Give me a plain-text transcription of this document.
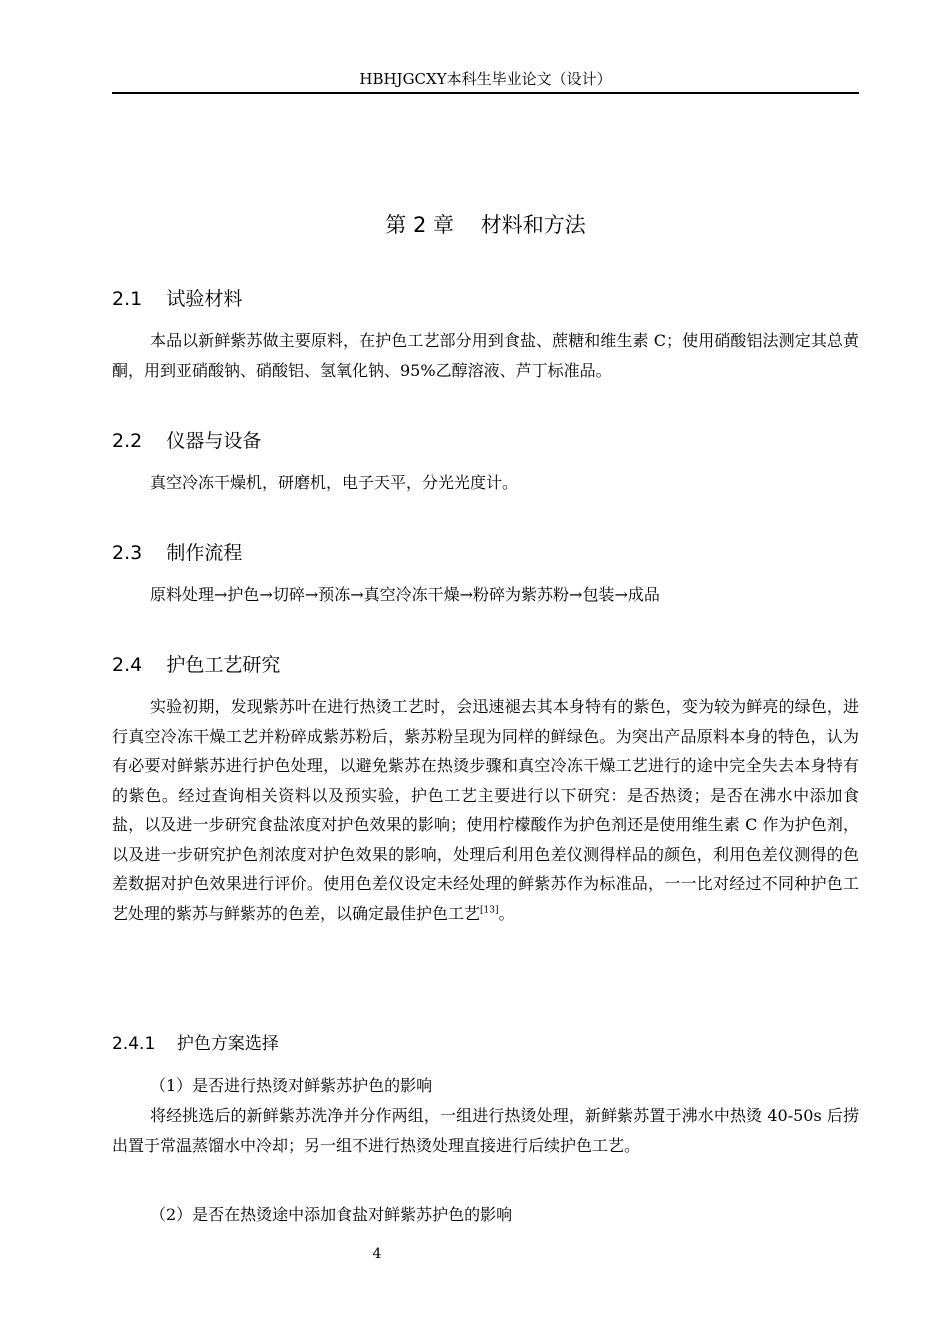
HBHJGCXY本科生毕业论文（设计）
第 2 章    材料和方法
2.1    试验材料

本品以新鲜紫苏做主要原料，在护色工艺部分用到食盐、蔗糖和维生素 C；使用硝酸铝法测定其总黄酮，用到亚硝酸钠、硝酸铝、氢氧化钠、95%乙醇溶液、芦丁标准品。

2.2    仪器与设备

真空冷冻干燥机，研磨机，电子天平，分光光度计。

2.3    制作流程

原料处理→护色→切碎→预冻→真空冷冻干燥→粉碎为紫苏粉→包装→成品

2.4    护色工艺研究

实验初期，发现紫苏叶在进行热烫工艺时，会迅速褪去其本身特有的紫色，变为较为鲜亮的绿色，进行真空冷冻干燥工艺并粉碎成紫苏粉后，紫苏粉呈现为同样的鲜绿色。为突出产品原料本身的特色，认为有必要对鲜紫苏进行护色处理，以避免紫苏在热烫步骤和真空冷冻干燥工艺进行的途中完全失去本身特有的紫色。经过查询相关资料以及预实验，护色工艺主要进行以下研究：是否热烫；是否在沸水中添加食盐，以及进一步研究食盐浓度对护色效果的影响；使用柠檬酸作为护色剂还是使用维生素 C 作为护色剂，以及进一步研究护色剂浓度对护色效果的影响，处理后利用色差仪测得样品的颜色，利用色差仪测得的色差数据对护色效果进行评价。使用色差仪设定未经处理的鲜紫苏作为标准品，一一比对经过不同种护色工艺处理的紫苏与鲜紫苏的色差，以确定最佳护色工艺[13]。

2.4.1    护色方案选择

（1）是否进行热烫对鲜紫苏护色的影响

将经挑选后的新鲜紫苏洗净并分作两组，一组进行热烫处理，新鲜紫苏置于沸水中热烫 40-50s 后捞出置于常温蒸馏水中冷却；另一组不进行热烫处理直接进行后续护色工艺。

（2）是否在热烫途中添加食盐对鲜紫苏护色的影响

4
